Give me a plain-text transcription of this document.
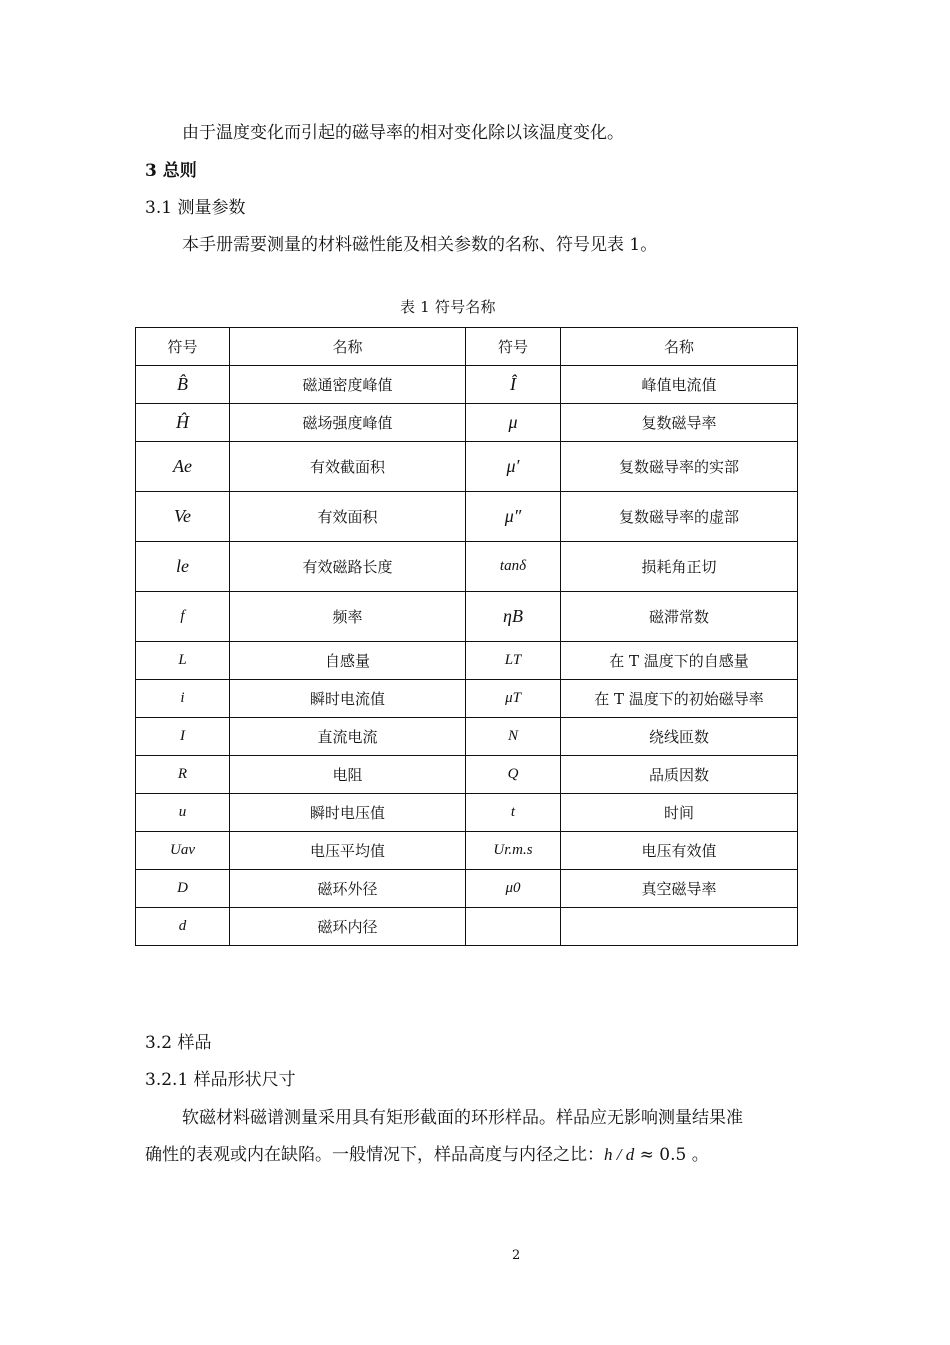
由于温度变化而引起的磁导率的相对变化除以该温度变化。
3 总则
3.1 测量参数
本手册需要测量的材料磁性能及相关参数的名称、符号见表 1。
表 1 符号名称
符号	名称	符号	名称
B̂	磁通密度峰值	Î	峰值电流值
Ĥ	磁场强度峰值	μ	复数磁导率
Ae	有效截面积	μ′	复数磁导率的实部
Ve	有效面积	μ″	复数磁导率的虚部
le	有效磁路长度	tanδ	损耗角正切
f	频率	ηB	磁滞常数
L	自感量	LT	在 T 温度下的自感量
i	瞬时电流值	μT	在 T 温度下的初始磁导率
I	直流电流	N	绕线匝数
R	电阻	Q	品质因数
u	瞬时电压值	t	时间
Uav	电压平均值	Ur.m.s	电压有效值
D	磁环外径	μ0	真空磁导率
d	磁环内径		
3.2 样品
3.2.1 样品形状尺寸
软磁材料磁谱测量采用具有矩形截面的环形样品。样品应无影响测量结果准
确性的表观或内在缺陷。一般情况下，样品高度与内径之比：h / d ≈ 0.5 。
2
